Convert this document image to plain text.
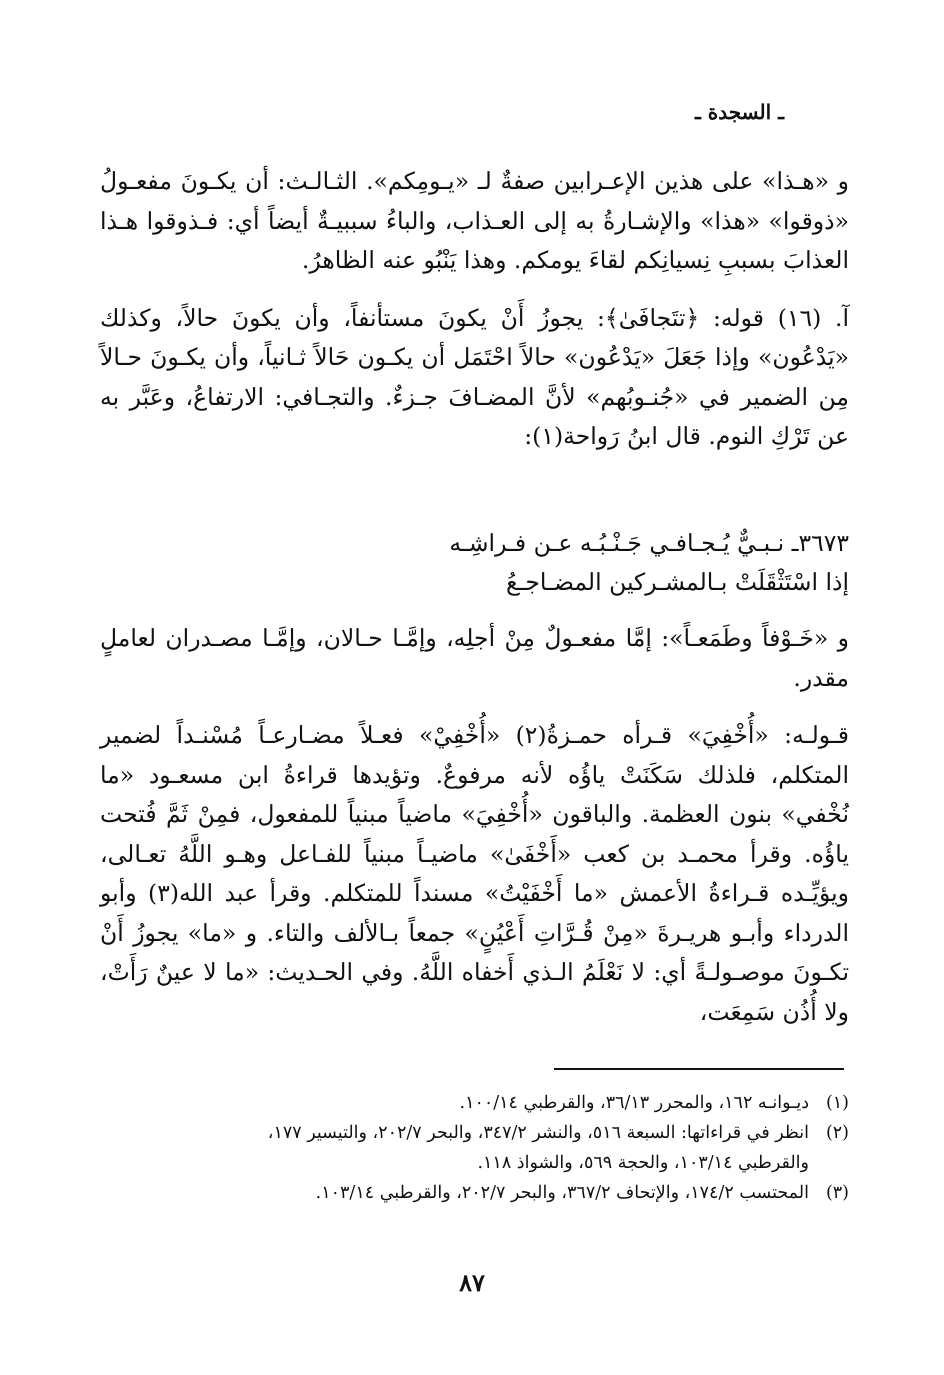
ـ السجدة ـ

و «هـذا» على هذين الإعـرابين صفةٌ لـ «يـومِكم». الثـالـث: أن يكـونَ مفعـولُ «ذوقوا» «هذا» والإشـارةُ به إلى العـذاب، والباءُ سببيـةٌ أيضاً أي: فـذوقوا هـذا العذابَ بسببِ نِسيانِكم لقاءَ يومكم. وهذا يَنْبُو عنه الظاهرُ.

آ. (١٦) قوله: ﴿تتَجافَىٰ﴾: يجوزُ أَنْ يكونَ مستأنفاً، وأن يكونَ حالاً، وكذلك «يَدْعُون» وإذا جَعَلَ «يَدْعُون» حالاً احْتَمَل أن يكـون حَالاً ثـانياً، وأن يكـونَ حـالاً مِن الضمير في «جُنـوبُهم» لأنَّ المضـافَ جـزءٌ. والتجـافي: الارتفاعُ، وعَبَّر به عن تَرْكِ النوم. قال ابنُ رَواحة(١):

٣٦٧٣ـ نـبـيٌّ يُـجـافـي جَـنْـبُـه عـن فـراشِـه
إذا اسْتَثْقَلَتْ بـالمشـركين المضـاجـعُ

و «خَـوْفاً وطَمَعـاً»: إمَّا مفعـولٌ مِنْ أجلِه، وإمَّـا حـالان، وإمَّـا مصـدران لعاملٍ مقدر.

قـولـه: «أُخْفِيَ» قـرأه حمـزةُ(٢) «أُخْفِيْ» فعـلاً مضـارعـاً مُسْنـداً لضمير المتكلم، فلذلك سَكَنَتْ ياؤُه لأنه مرفوعٌ. وتؤيدها قراءةُ ابن مسعـود «ما نُخْفي» بنون العظمة. والباقون «أُخْفِيَ» ماضياً مبنياً للمفعول، فمِنْ ثَمَّ فُتحت ياؤُه. وقرأ محمـد بن كعب «أَخْفَىٰ» ماضيـاً مبنياً للفـاعل وهـو اللَّهُ تعـالى، ويؤيِّـده قـراءةُ الأعمش «ما أَخْفَيْتُ» مسنداً للمتكلم. وقرأ عبد الله(٣) وأبو الدرداء وأبـو هريـرةَ «مِنْ قُـرَّاتِ أَعْيُنٍ» جمعاً بـالألف والتاء. و «ما» يجوزُ أَنْ تكـونَ موصـولـةً أي: لا نَعْلَمُ الـذي أَخفاه اللَّهُ. وفي الحـديث: «ما لا عينٌ رَأَتْ، ولا أُذُن سَمِعَت،

(١)
ديـوانـه ١٦٢، والمحرر ٣٦/١٣، والقرطبي ١٠٠/١٤.
(٢)
انظر في قراءاتها: السبعة ٥١٦، والنشر ٣٤٧/٢، والبحر ٢٠٢/٧، والتيسير ١٧٧،
والقرطبي ١٠٣/١٤، والحجة ٥٦٩، والشواذ ١١٨.
(٣)
المحتسب ١٧٤/٢، والإتحاف ٣٦٧/٢، والبحر ٢٠٢/٧، والقرطبي ١٠٣/١٤.
٨٧
